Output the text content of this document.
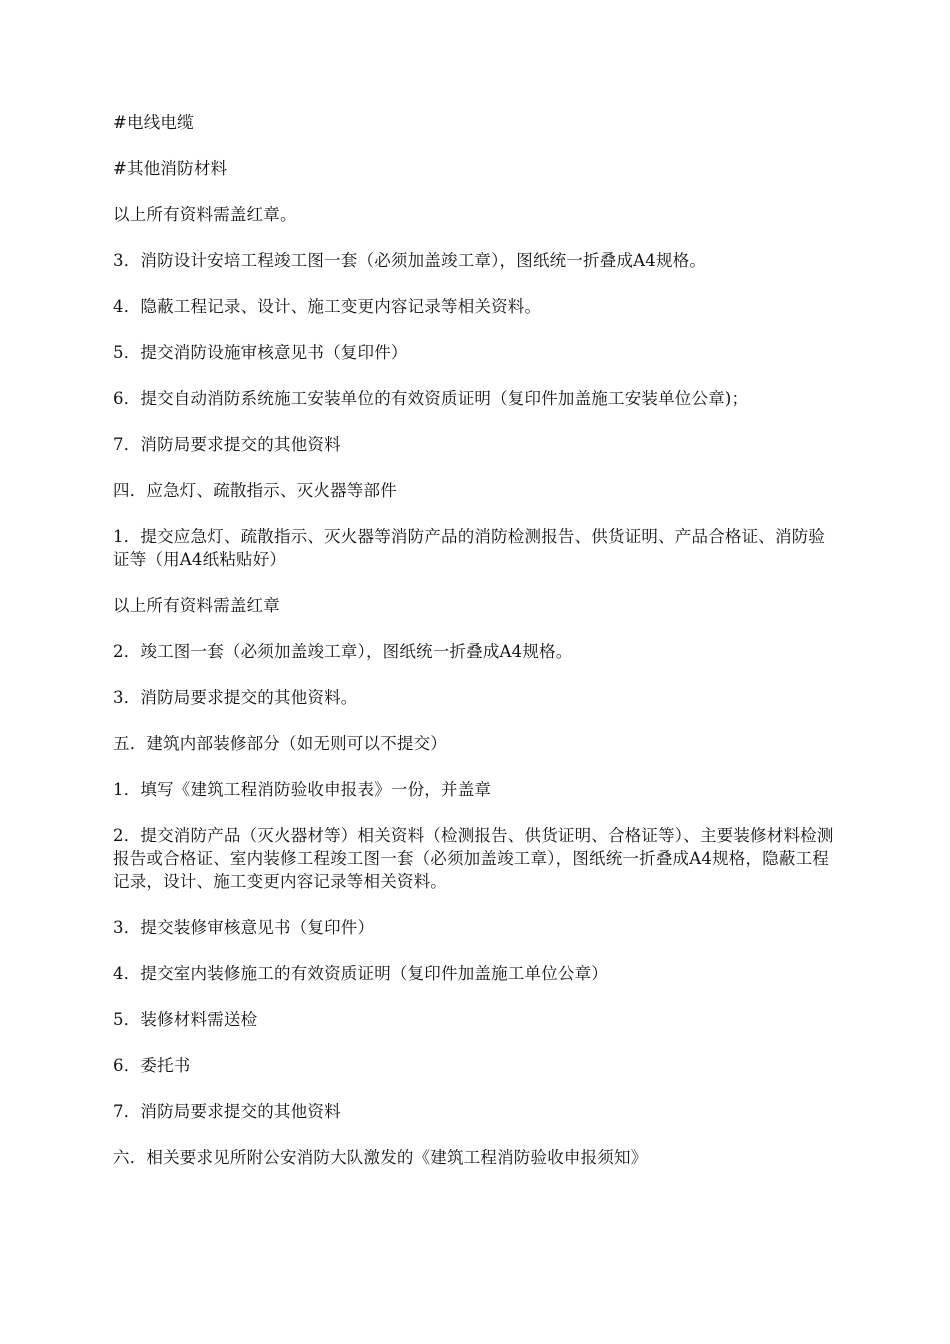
#电线电缆

#其他消防材料

以上所有资料需盖红章。

3．消防设计安培工程竣工图一套（必须加盖竣工章），图纸统一折叠成A4规格。

4．隐蔽工程记录、设计、施工变更内容记录等相关资料。

5．提交消防设施审核意见书（复印件）

6．提交自动消防系统施工安装单位的有效资质证明（复印件加盖施工安装单位公章)；

7．消防局要求提交的其他资料

四．应急灯、疏散指示、灭火器等部件

1．提交应急灯、疏散指示、灭火器等消防产品的消防检测报告、供货证明、产品合格证、消防验证等（用A4纸粘贴好）

以上所有资料需盖红章

2．竣工图一套（必须加盖竣工章），图纸统一折叠成A4规格。

3．消防局要求提交的其他资料。

五．建筑内部装修部分（如无则可以不提交）

1．填写《建筑工程消防验收申报表》一份，并盖章

2．提交消防产品（灭火器材等）相关资料（检测报告、供货证明、合格证等）、主要装修材料检测报告或合格证、室内装修工程竣工图一套（必须加盖竣工章），图纸统一折叠成A4规格，隐蔽工程记录，设计、施工变更内容记录等相关资料。

3．提交装修审核意见书（复印件）

4．提交室内装修施工的有效资质证明（复印件加盖施工单位公章）

5．装修材料需送检

6．委托书

7．消防局要求提交的其他资料

六．相关要求见所附公安消防大队激发的《建筑工程消防验收申报须知》
